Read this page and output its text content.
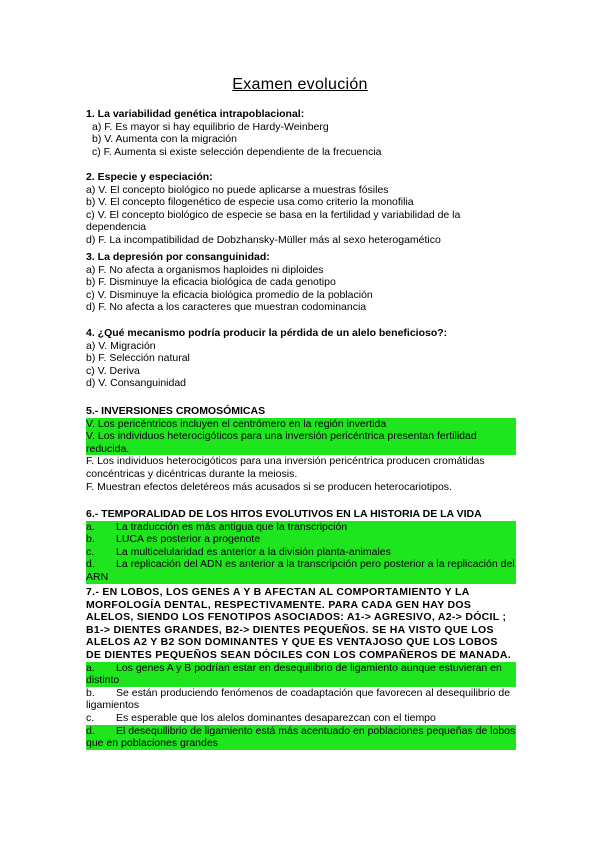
Examen evolución
1. La variabilidad genética intrapoblacional:
a) F. Es mayor si hay equilibrio de Hardy-Weinberg
b) V. Aumenta con la migración
c) F. Aumenta si existe selección dependiente de la frecuencia
2. Especie y especiación:
a) V. El concepto biológico no puede aplicarse a muestras fósiles
b) V. El concepto filogenético de especie usa como criterio la monofilia
c) V. El concepto biológico de especie se basa en la fertilidad y variabilidad de la dependencia
d) F. La incompatibilidad de Dobzhansky-Müller más al sexo heterogamético
3. La depresión por consanguinidad:
a) F. No afecta a organismos haploides ni diploides
b) F. Disminuye la eficacia biológica de cada genotipo
c) V. Disminuye la eficacia biológica promedio de la población
d) F. No afecta a los caracteres que muestran codominancia
4. ¿Qué mecanismo podría producir la pérdida de un alelo beneficioso?:
a) V. Migración
b) F. Selección natural
c) V. Deriva
d) V. Consanguinidad
5.- INVERSIONES CROMOSÓMICAS
V. Los pericéntricos incluyen el centrómero en la región invertida
V. Los individuos heterocigóticos para una inversión pericéntrica presentan fertilidad reducida.
F. Los individuos heterocigóticos para una inversión pericéntrica producen cromátidas concéntricas y dicéntricas durante la meiosis.
F. Muestran efectos deletéreos más acusados si se producen heterocariotipos.
6.- TEMPORALIDAD DE LOS HITOS EVOLUTIVOS EN LA HISTORIA DE LA VIDA
a. La traducción es más antigua que la transcripción
b. LUCA es posterior a progenote
c. La multicelularidad es anterior a la división planta-animales
d. La replicación del ADN es anterior a la transcripción pero posterior a la replicación del ARN
7.- EN LOBOS, LOS GENES A Y B AFECTAN AL COMPORTAMIENTO Y LA MORFOLOGÍA DENTAL, RESPECTIVAMENTE. PARA CADA GEN HAY DOS ALELOS, SIENDO LOS FENOTIPOS ASOCIADOS: A1-> AGRESIVO, A2-> DÓCIL ; B1-> DIENTES GRANDES, B2-> DIENTES PEQUEÑOS. SE HA VISTO QUE LOS ALELOS A2 Y B2 SON DOMINANTES Y QUE ES VENTAJOSO QUE LOS LOBOS DE DIENTES PEQUEÑOS SEAN DÓCILES CON LOS COMPAÑEROS DE MANADA.
a. Los genes A y B podrían estar en desequilibrio de ligamiento aunque estuvieran en distinto
b. Se están produciendo fenómenos de coadaptación que favorecen al desequilibrio de ligamientos
c. Es esperable que los alelos dominantes desaparezcan con el tiempo
d. El desequilibrio de ligamiento está más acentuado en poblaciones pequeñas de lobos que en poblaciones grandes
